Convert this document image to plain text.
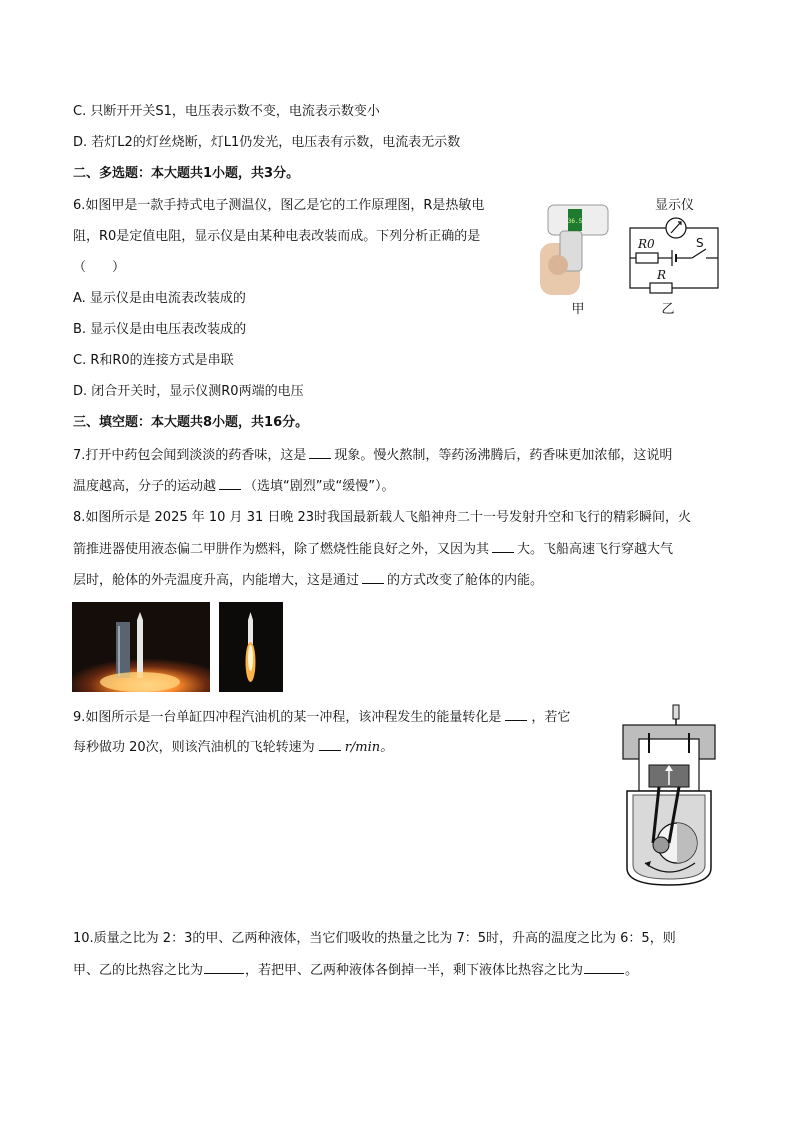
C. 只断开开关S1，电压表示数不变，电流表示数变小
D. 若灯L2的灯丝烧断，灯L1仍发光，电压表有示数，电流表无示数
二、多选题：本大题共1小题，共3分。
6.如图甲是一款手持式电子测温仪，图乙是它的工作原理图，R是热敏电
阻，R0是定值电阻，显示仪是由某种电表改装而成。下列分析正确的是
（　　）
A. 显示仪是由电流表改装成的
B. 显示仪是由电压表改装成的
C. R和R0的连接方式是串联
D. 闭合开关时，显示仪测R0两端的电压
36.5
甲
显示仪
R
R0	S
乙
三、填空题：本大题共8小题，共16分。
7.打开中药包会闻到淡淡的药香味，这是 现象。慢火熬制，等药汤沸腾后，药香味更加浓郁，这说明
温度越高，分子的运动越 （选填“剧烈”或“缓慢”）。
8.如图所示是 2025 年 10 月 31 日晚 23时我国最新载人飞船神舟二十一号发射升空和飞行的精彩瞬间，火
箭推进器使用液态偏二甲肼作为燃料，除了燃烧性能良好之外，又因为其 大。飞船高速飞行穿越大气
层时，舱体的外壳温度升高，内能增大，这是通过 的方式改变了舱体的内能。
9.如图所示是一台单缸四冲程汽油机的某一冲程，该冲程发生的能量转化是 ，若它
每秒做功 20次，则该汽油机的飞轮转速为 r/min。
10.质量之比为 2：3的甲、乙两种液体，当它们吸收的热量之比为 7：5时，升高的温度之比为 6：5，则
甲、乙的比热容之比为	，若把甲、乙两种液体各倒掉一半，剩下液体比热容之比为	。
